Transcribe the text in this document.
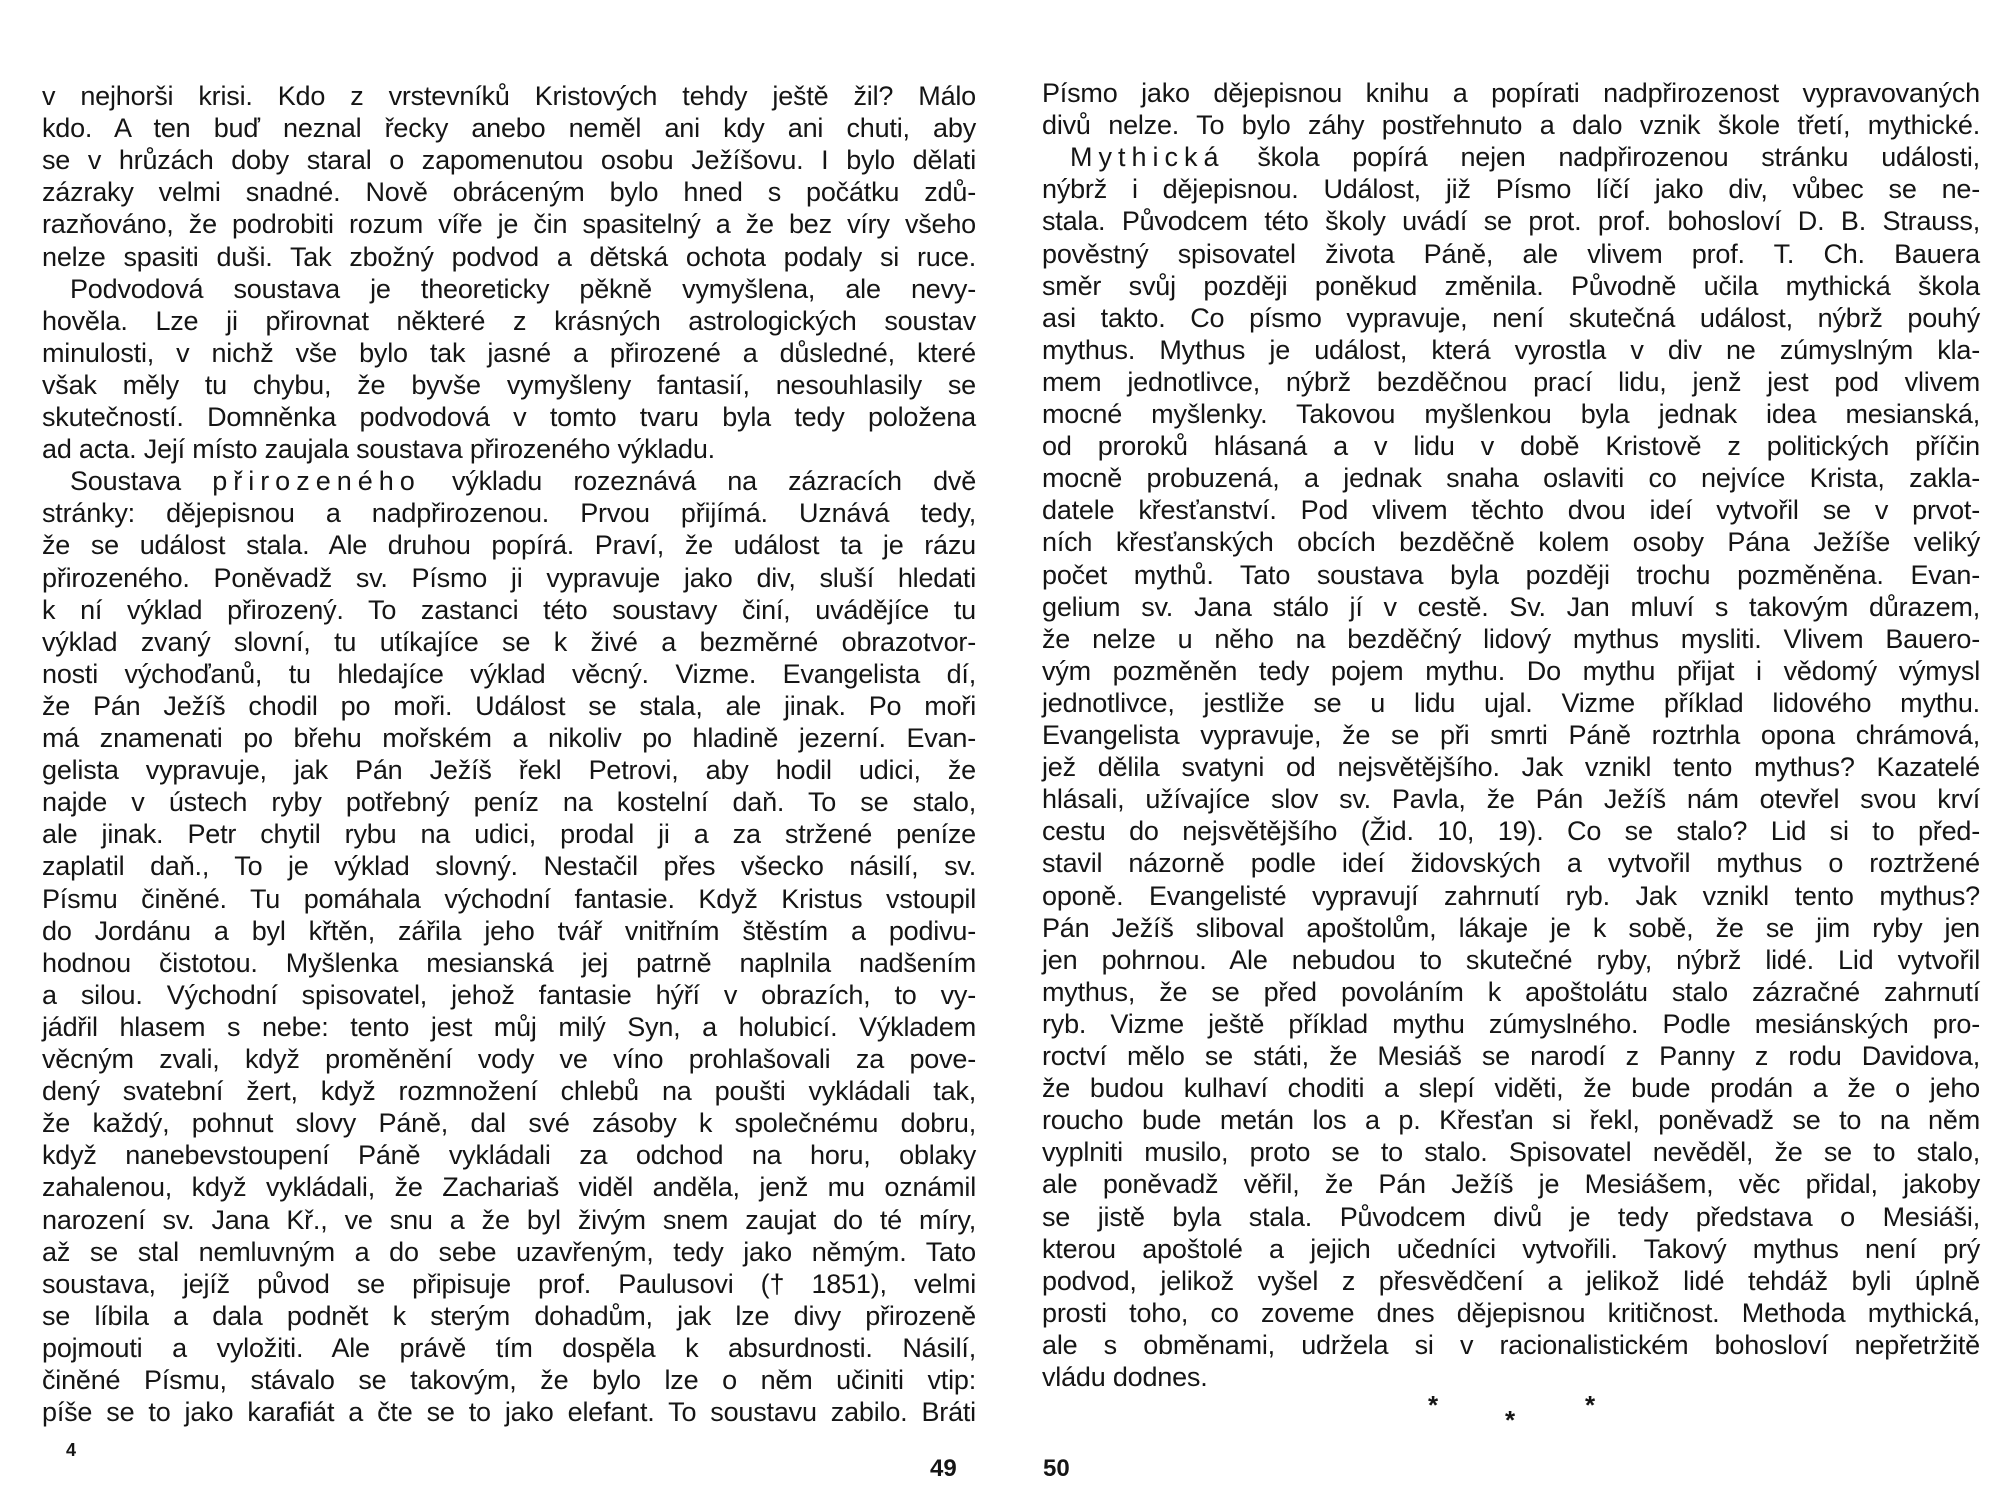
4
49
v nejhorši krisi. Kdo z vrstevníků Kristových tehdy ještě žil? Málo
kdo. A ten buď neznal řecky anebo neměl ani kdy ani chuti, aby
se v hrůzách doby staral o zapomenutou osobu Ježíšovu. I bylo dělati
zázraky velmi snadné. Nově obráceným bylo hned s počátku zdů-
razňováno, že podrobiti rozum víře je čin spasitelný a že bez víry všeho
nelze spasiti duši. Tak zbožný podvod a dětská ochota podaly si ruce.
Podvodová soustava je theoreticky pěkně vymyšlena, ale nevy-
hověla. Lze ji přirovnat některé z krásných astrologických soustav
minulosti, v nichž vše bylo tak jasné a přirozené a důsledné, které
však měly tu chybu, že byvše vymyšleny fantasií, nesouhlasily se
skutečností. Domněnka podvodová v tomto tvaru byla tedy položena
ad acta. Její místo zaujala soustava přirozeného výkladu.
Soustava přirozeného výkladu rozeznává na zázracích dvě
stránky: dějepisnou a nadpřirozenou. Prvou přijímá. Uznává tedy,
že se událost stala. Ale druhou popírá. Praví, že událost ta je rázu
přirozeného. Poněvadž sv. Písmo ji vypravuje jako div, sluší hledati
k ní výklad přirozený. To zastanci této soustavy činí, uvádějíce tu
výklad zvaný slovní, tu utíkajíce se k živé a bezměrné obrazotvor-
nosti výchoďanů, tu hledajíce výklad věcný. Vizme. Evangelista dí,
že Pán Ježíš chodil po moři. Událost se stala, ale jinak. Po moři
má znamenati po břehu mořském a nikoliv po hladině jezerní. Evan-
gelista vypravuje, jak Pán Ježíš řekl Petrovi, aby hodil udici, že
najde v ústech ryby potřebný peníz na kostelní daň. To se stalo,
ale jinak. Petr chytil rybu na udici, prodal ji a za stržené peníze
zaplatil daň., To je výklad slovný. Nestačil přes všecko násilí, sv.
Písmu činěné. Tu pomáhala východní fantasie. Když Kristus vstoupil
do Jordánu a byl křtěn, zářila jeho tvář vnitřním štěstím a podivu-
hodnou čistotou. Myšlenka mesianská jej patrně naplnila nadšením
a silou. Východní spisovatel, jehož fantasie hýří v obrazích, to vy-
jádřil hlasem s nebe: tento jest můj milý Syn, a holubicí. Výkladem
věcným zvali, když proměnění vody ve víno prohlašovali za pove-
dený svatební žert, když rozmnožení chlebů na poušti vykládali tak,
že každý, pohnut slovy Páně, dal své zásoby k společnému dobru,
když nanebevstoupení Páně vykládali za odchod na horu, oblaky
zahalenou, když vykládali, že Zachariaš viděl anděla, jenž mu oznámil
narození sv. Jana Kř., ve snu a že byl živým snem zaujat do té míry,
až se stal nemluvným a do sebe uzavřeným, tedy jako němým. Tato
soustava, jejíž původ se připisuje prof. Paulusovi († 1851), velmi
se líbila a dala podnět k sterým dohadům, jak lze divy přirozeně
pojmouti a vyložiti. Ale právě tím dospěla k absurdnosti. Násilí,
činěné Písmu, stávalo se takovým, že bylo lze o něm učiniti vtip:
píše se to jako karafiát a čte se to jako elefant. To soustavu zabilo. Bráti	*	*	*
50
Písmo jako dějepisnou knihu a popírati nadpřirozenost vypravovaných
divů nelze. To bylo záhy postřehnuto a dalo vznik škole třetí, mythické.
Mythická škola popírá nejen nadpřirozenou stránku události,
nýbrž i dějepisnou. Událost, již Písmo líčí jako div, vůbec se ne-
stala. Původcem této školy uvádí se prot. prof. bohosloví D. B. Strauss,
pověstný spisovatel života Páně, ale vlivem prof. T. Ch. Bauera
směr svůj později poněkud změnila. Původně učila mythická škola
asi takto. Co písmo vypravuje, není skutečná událost, nýbrž pouhý
mythus. Mythus je událost, která vyrostla v div ne zúmyslným kla-
mem jednotlivce, nýbrž bezděčnou prací lidu, jenž jest pod vlivem
mocné myšlenky. Takovou myšlenkou byla jednak idea mesianská,
od proroků hlásaná a v lidu v době Kristově z politických příčin
mocně probuzená, a jednak snaha oslaviti co nejvíce Krista, zakla-
datele křesťanství. Pod vlivem těchto dvou ideí vytvořil se v prvot-
ních křesťanských obcích bezděčně kolem osoby Pána Ježíše veliký
počet mythů. Tato soustava byla později trochu pozměněna. Evan-
gelium sv. Jana stálo jí v cestě. Sv. Jan mluví s takovým důrazem,
že nelze u něho na bezděčný lidový mythus mysliti. Vlivem Bauero-
vým pozměněn tedy pojem mythu. Do mythu přijat i vědomý výmysl
jednotlivce, jestliže se u lidu ujal. Vizme příklad lidového mythu.
Evangelista vypravuje, že se při smrti Páně roztrhla opona chrámová,
jež dělila svatyni od nejsvětějšího. Jak vznikl tento mythus? Kazatelé
hlásali, užívajíce slov sv. Pavla, že Pán Ježíš nám otevřel svou krví
cestu do nejsvětějšího (Žid. 10, 19). Co se stalo? Lid si to před-
stavil názorně podle ideí židovských a vytvořil mythus o roztržené
oponě. Evangelisté vypravují zahrnutí ryb. Jak vznikl tento mythus?
Pán Ježíš sliboval apoštolům, lákaje je k sobě, že se jim ryby jen
jen pohrnou. Ale nebudou to skutečné ryby, nýbrž lidé. Lid vytvořil
mythus, že se před povoláním k apoštolátu stalo zázračné zahrnutí
ryb. Vizme ještě příklad mythu zúmyslného. Podle mesiánských pro-
roctví mělo se státi, že Mesiáš se narodí z Panny z rodu Davidova,
že budou kulhaví choditi a slepí viděti, že bude prodán a že o jeho
roucho bude metán los a p. Křesťan si řekl, poněvadž se to na něm
vyplniti musilo, proto se to stalo. Spisovatel nevěděl, že se to stalo,
ale poněvadž věřil, že Pán Ježíš je Mesiášem, věc přidal, jakoby
se jistě byla stala. Původcem divů je tedy představa o Mesiáši,
kterou apoštolé a jejich učedníci vytvořili. Takový mythus není prý
podvod, jelikož vyšel z přesvědčení a jelikož lidé tehdáž byli úplně
prosti toho, co zoveme dnes dějepisnou kritičnost. Methoda mythická,
ale s obměnami, udržela si v racionalistickém bohosloví nepřetržitě
vládu dodnes.
